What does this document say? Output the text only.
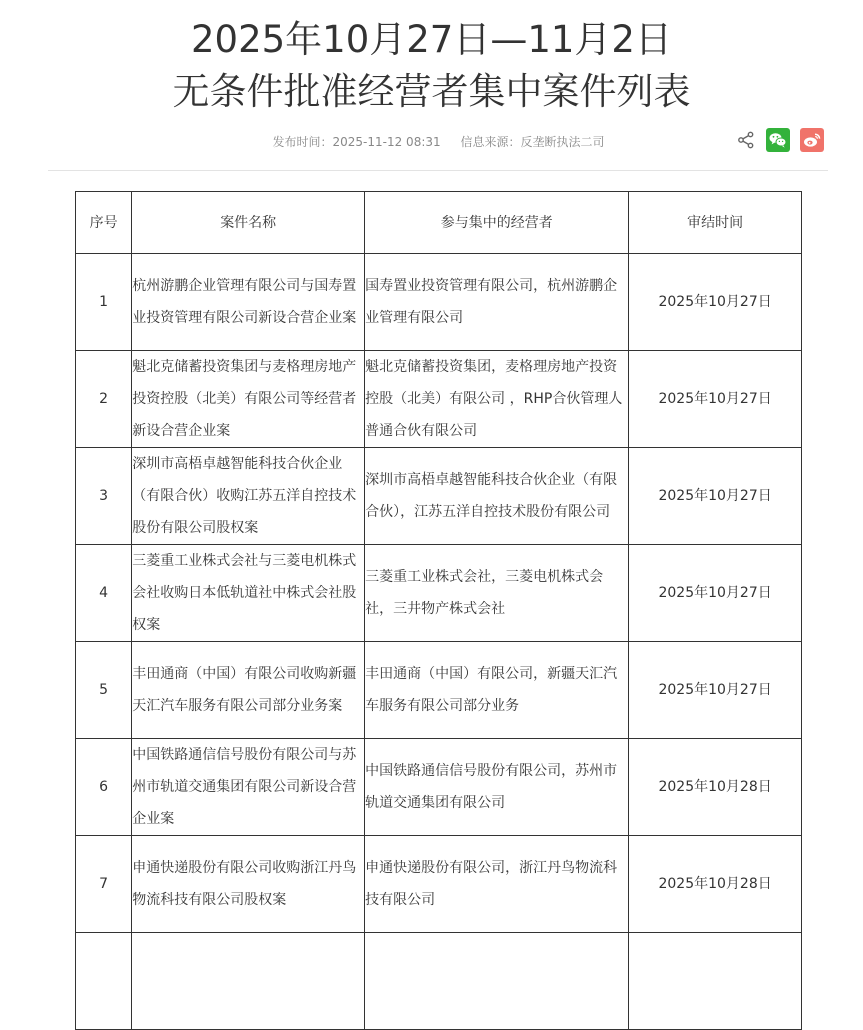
2025年10月27日—11月2日
无条件批准经营者集中案件列表
发布时间：2025-11-12 08:31 信息来源：反垄断执法二司
序号	案件名称	参与集中的经营者	审结时间
1	杭州游鹏企业管理有限公司与国寿置业投资管理有限公司新设合营企业案	国寿置业投资管理有限公司，杭州游鹏企业管理有限公司	2025年10月27日
2	魁北克储蓄投资集团与麦格理房地产投资控股（北美）有限公司等经营者新设合营企业案	魁北克储蓄投资集团，麦格理房地产投资控股（北美）有限公司 ，RHP合伙管理人普通合伙有限公司	2025年10月27日
3	深圳市高梧卓越智能科技合伙企业（有限合伙）收购江苏五洋自控技术股份有限公司股权案	深圳市高梧卓越智能科技合伙企业（有限合伙），江苏五洋自控技术股份有限公司	2025年10月27日
4	三菱重工业株式会社与三菱电机株式会社收购日本低轨道社中株式会社股权案	三菱重工业株式会社，三菱电机株式会社，三井物产株式会社	2025年10月27日
5	丰田通商（中国）有限公司收购新疆天汇汽车服务有限公司部分业务案	丰田通商（中国）有限公司，新疆天汇汽车服务有限公司部分业务	2025年10月27日
6	中国铁路通信信号股份有限公司与苏州市轨道交通集团有限公司新设合营企业案	中国铁路通信信号股份有限公司，苏州市轨道交通集团有限公司	2025年10月28日
7	申通快递股份有限公司收购浙江丹鸟物流科技有限公司股权案	申通快递股份有限公司，浙江丹鸟物流科技有限公司	2025年10月28日
